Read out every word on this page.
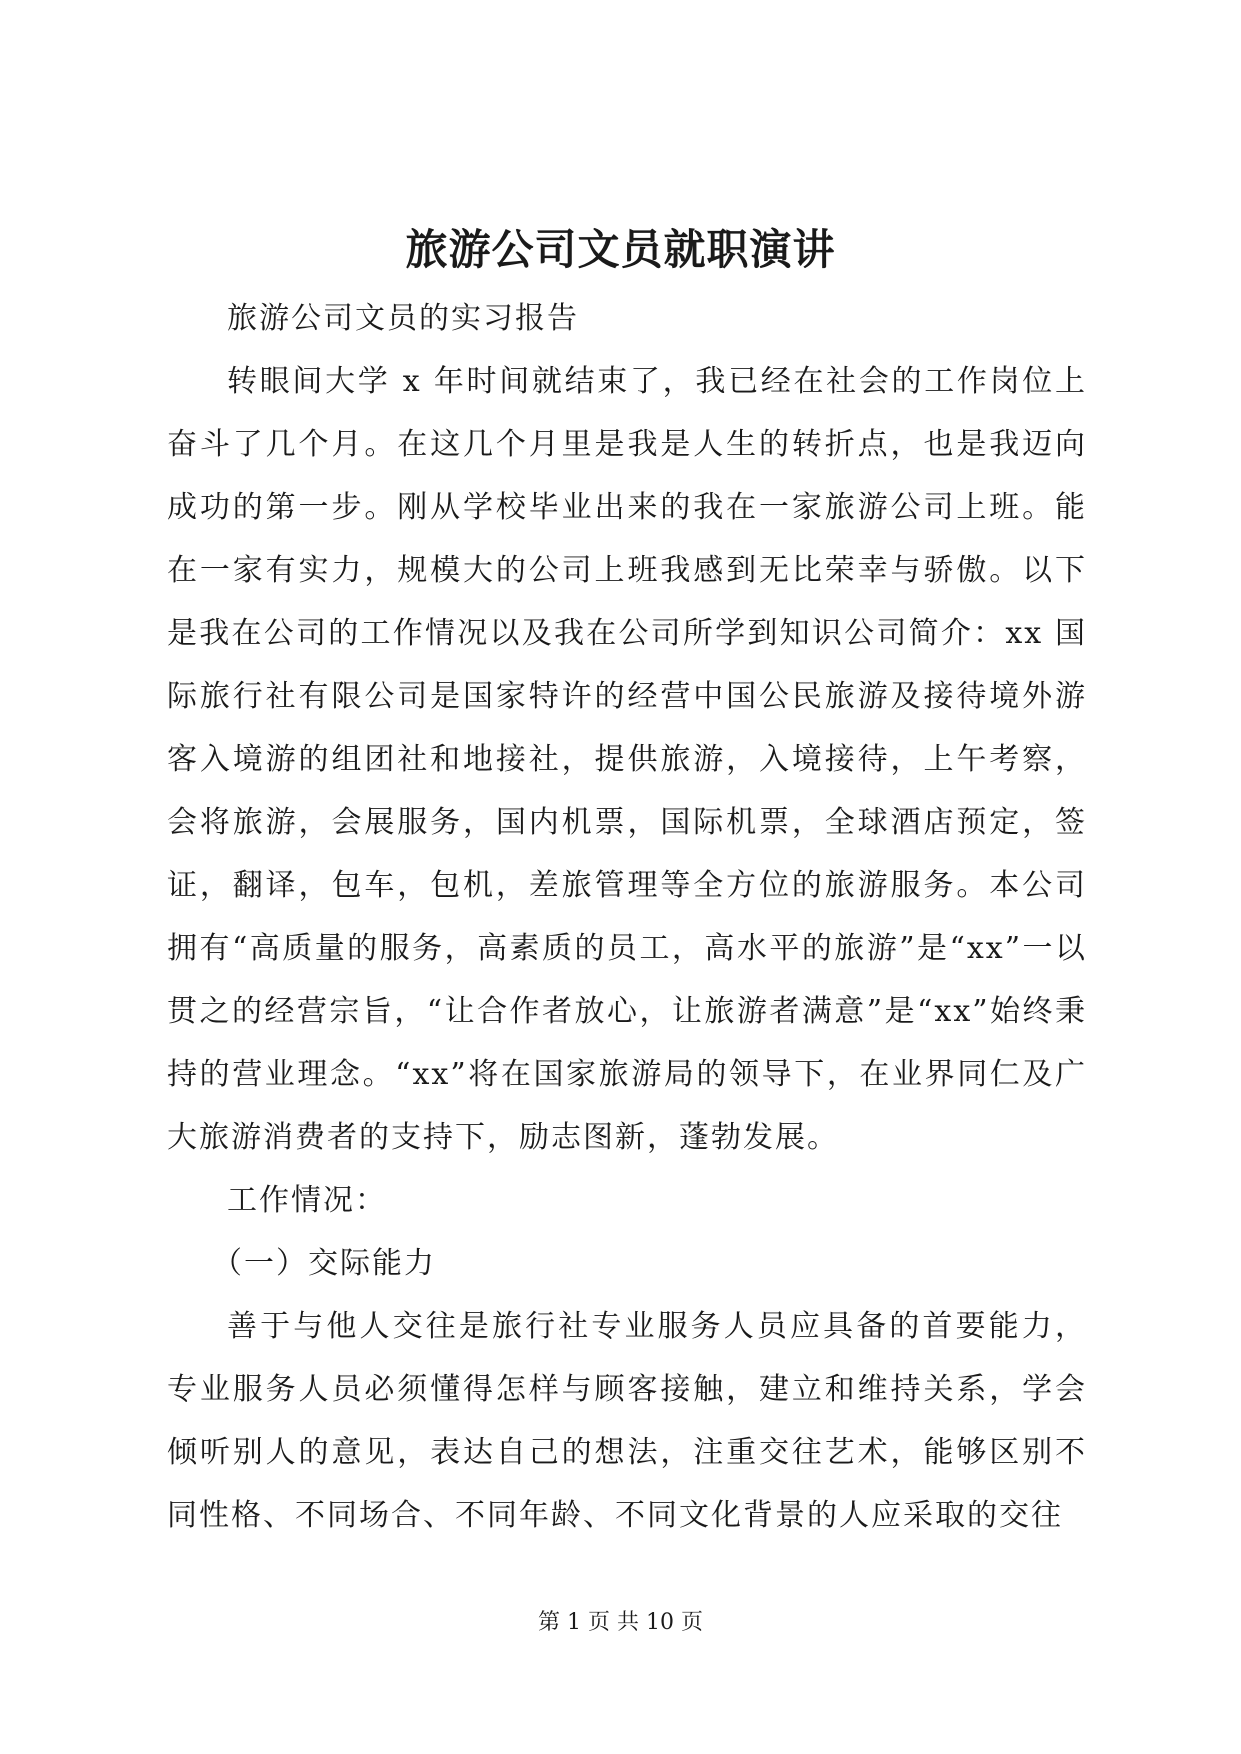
旅游公司文员就职演讲

旅游公司文员的实习报告

转眼间大学 x 年时间就结束了，我已经在社会的工作岗位上奋斗了几个月。在这几个月里是我是人生的转折点，也是我迈向成功的第一步。刚从学校毕业出来的我在一家旅游公司上班。能在一家有实力，规模大的公司上班我感到无比荣幸与骄傲。以下是我在公司的工作情况以及我在公司所学到知识公司简介：xx 国际旅行社有限公司是国家特许的经营中国公民旅游及接待境外游客入境游的组团社和地接社，提供旅游，入境接待，上午考察，会将旅游，会展服务，国内机票，国际机票，全球酒店预定，签证，翻译，包车，包机，差旅管理等全方位的旅游服务。本公司拥有“高质量的服务，高素质的员工，高水平的旅游”是“xx”一以贯之的经营宗旨，“让合作者放心，让旅游者满意”是“xx”始终秉持的营业理念。“xx”将在国家旅游局的领导下，在业界同仁及广大旅游消费者的支持下，励志图新，蓬勃发展。

工作情况：

（一）交际能力

善于与他人交往是旅行社专业服务人员应具备的首要能力，专业服务人员必须懂得怎样与顾客接触，建立和维持关系，学会倾听别人的意见，表达自己的想法，注重交往艺术，能够区别不同性格、不同场合、不同年龄、不同文化背景的人应采取的交往

第 1 页 共 10 页
